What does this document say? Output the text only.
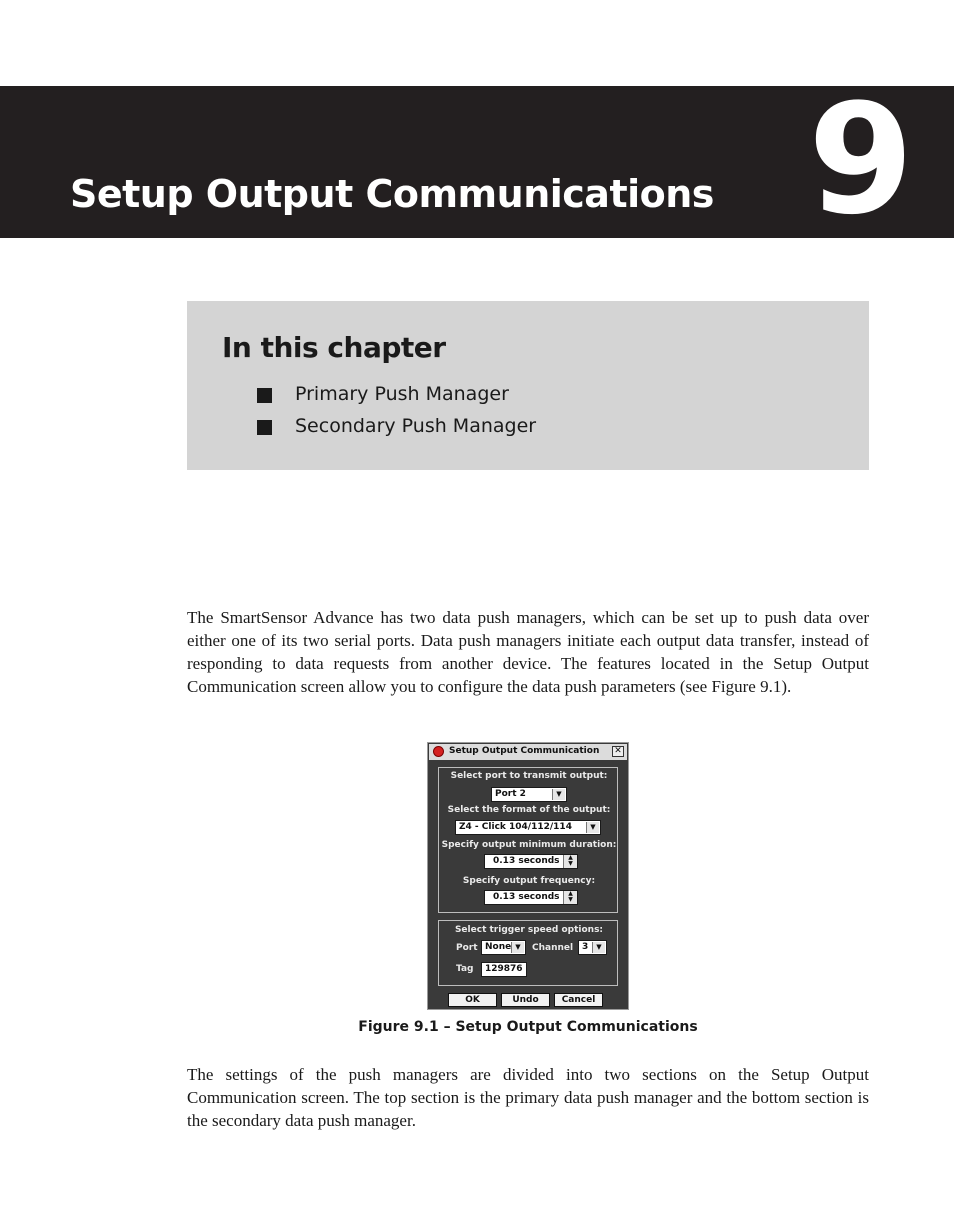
Setup Output Communications 9
In this chapter
Primary Push Manager
Secondary Push Manager

The SmartSensor Advance has two data push managers, which can be set up to push data over either one of its two serial ports. Data push managers initiate each output data transfer, instead of responding to data requests from another device. The features located in the Setup Output Communication screen allow you to configure the data push parameters (see Figure 9.1).

Setup Output Communication ✕
Select port to transmit output:
Port 2	▼
Select the format of the output:
Z4 - Click 104/112/114	▼
Specify output minimum duration:
0.13 seconds	▲
▼
Specify output frequency:
0.13 seconds	▲
▼
Select trigger speed options:
Port None ▼	Channel 3	▼
Tag	129876
OK	Undo	Cancel
Figure 9.1 – Setup Output Communications

The settings of the push managers are divided into two sections on the Setup Output Communication screen. The top section is the primary data push manager and the bottom section is the secondary data push manager.
